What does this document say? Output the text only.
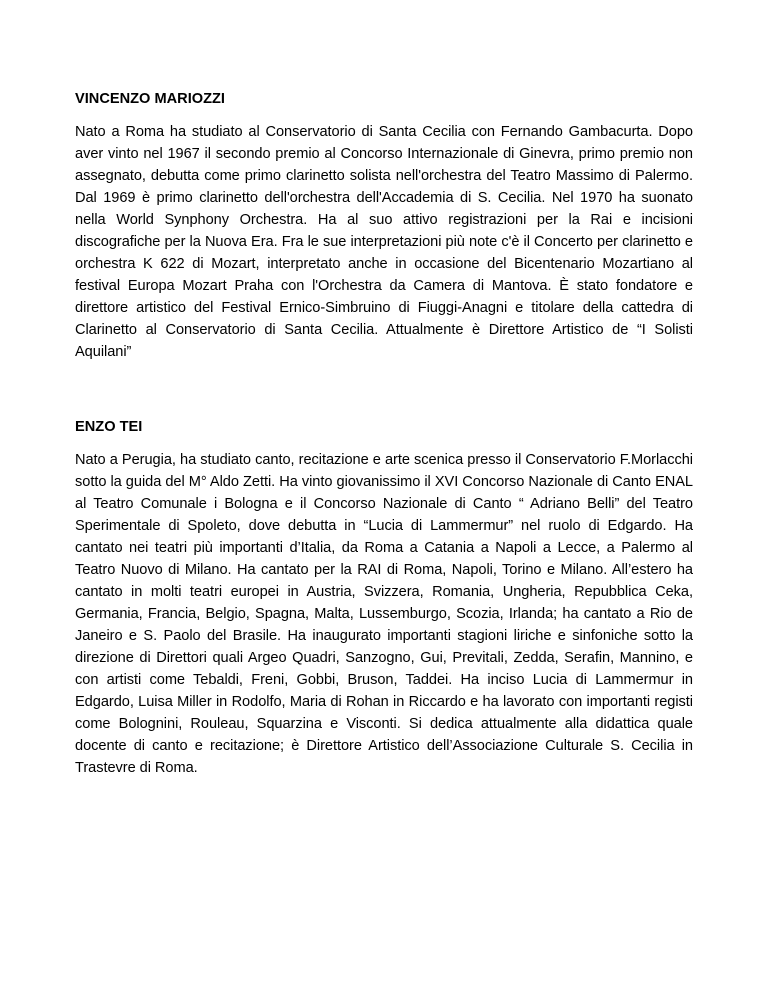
VINCENZO MARIOZZI

Nato a Roma ha studiato al Conservatorio di Santa Cecilia con Fernando Gambacurta. Dopo aver vinto nel 1967 il secondo premio al Concorso Internazionale di Ginevra, primo premio non assegnato, debutta come primo clarinetto solista nell'orchestra del Teatro Massimo di Palermo. Dal 1969 è primo clarinetto dell'orchestra dell'Accademia di S. Cecilia. Nel 1970 ha suonato nella World Synphony Orchestra. Ha al suo attivo registrazioni per la Rai e incisioni discografiche per la Nuova Era. Fra le sue interpretazioni più note c'è il Concerto per clarinetto e orchestra K 622 di Mozart, interpretato anche in occasione del Bicentenario Mozartiano al festival Europa Mozart Praha con l'Orchestra da Camera di Mantova. È stato fondatore e direttore artistico del Festival Ernico-Simbruino di Fiuggi-Anagni e titolare della cattedra di Clarinetto al Conservatorio di Santa Cecilia. Attualmente è Direttore Artistico de “I Solisti Aquilani”

ENZO TEI

Nato a Perugia, ha studiato canto, recitazione e arte scenica presso il Conservatorio F.Morlacchi sotto la guida del M° Aldo Zetti. Ha vinto giovanissimo il XVI Concorso Nazionale di Canto ENAL al Teatro Comunale i Bologna e il Concorso Nazionale di Canto “ Adriano Belli” del Teatro Sperimentale di Spoleto, dove debutta in “Lucia di Lammermur” nel ruolo di Edgardo. Ha cantato nei teatri più importanti d’Italia, da Roma a Catania a Napoli a Lecce, a Palermo al Teatro Nuovo di Milano. Ha cantato per la RAI di Roma, Napoli, Torino e Milano. All’estero ha cantato in molti teatri europei in Austria, Svizzera, Romania, Ungheria, Repubblica Ceka, Germania, Francia, Belgio, Spagna, Malta, Lussemburgo, Scozia, Irlanda; ha cantato a Rio de Janeiro e S. Paolo del Brasile. Ha inaugurato importanti stagioni liriche e sinfoniche sotto la direzione di Direttori quali Argeo Quadri, Sanzogno, Gui, Previtali, Zedda, Serafin, Mannino, e con artisti come Tebaldi, Freni, Gobbi, Bruson, Taddei. Ha inciso Lucia di Lammermur in Edgardo, Luisa Miller in Rodolfo, Maria di Rohan in Riccardo e ha lavorato con importanti registi come Bolognini, Rouleau, Squarzina e Visconti. Si dedica attualmente alla didattica quale docente di canto e recitazione; è Direttore Artistico dell’Associazione Culturale S. Cecilia in Trastevre di Roma.
